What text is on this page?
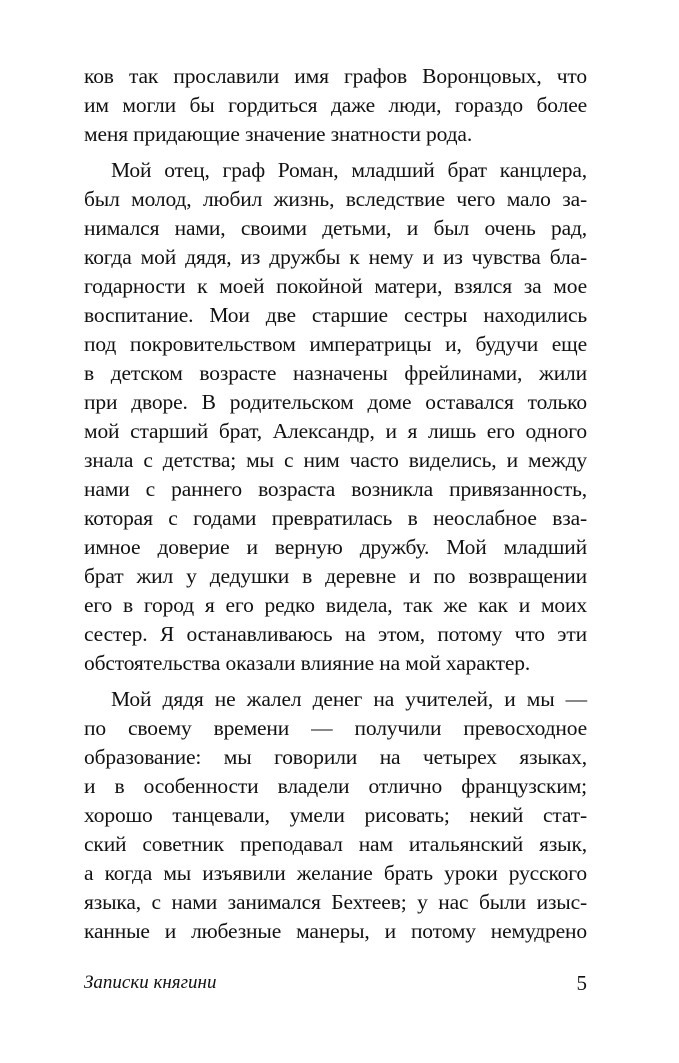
ков так прославили имя графов Воронцовых, что
им могли бы гордиться даже люди, гораздо более
меня придающие значение знатности рода.
Мой отец, граф Роман, младший брат канцлера,
был молод, любил жизнь, вследствие чего мало за-
нимался нами, своими детьми, и был очень рад,
когда мой дядя, из дружбы к нему и из чувства бла-
годарности к моей покойной матери, взялся за мое
воспитание. Мои две старшие сестры находились
под покровительством императрицы и, будучи еще
в детском возрасте назначены фрейлинами, жили
при дворе. В родительском доме оставался только
мой старший брат, Александр, и я лишь его одного
знала с детства; мы с ним часто виделись, и между
нами с раннего возраста возникла привязанность,
которая с годами превратилась в неослабное вза-
имное доверие и верную дружбу. Мой младший
брат жил у дедушки в деревне и по возвращении
его в город я его редко видела, так же как и моих
сестер. Я останавливаюсь на этом, потому что эти
обстоятельства оказали влияние на мой характер.
Мой дядя не жалел денег на учителей, и мы —
по своему времени — получили превосходное
образование: мы говорили на четырех языках,
и в особенности владели отлично французским;
хорошо танцевали, умели рисовать; некий стат-
ский советник преподавал нам итальянский язык,
а когда мы изъявили желание брать уроки русского
языка, с нами занимался Бехтеев; у нас были изыс-
канные и любезные манеры, и потому немудрено
Записки княгини	5
